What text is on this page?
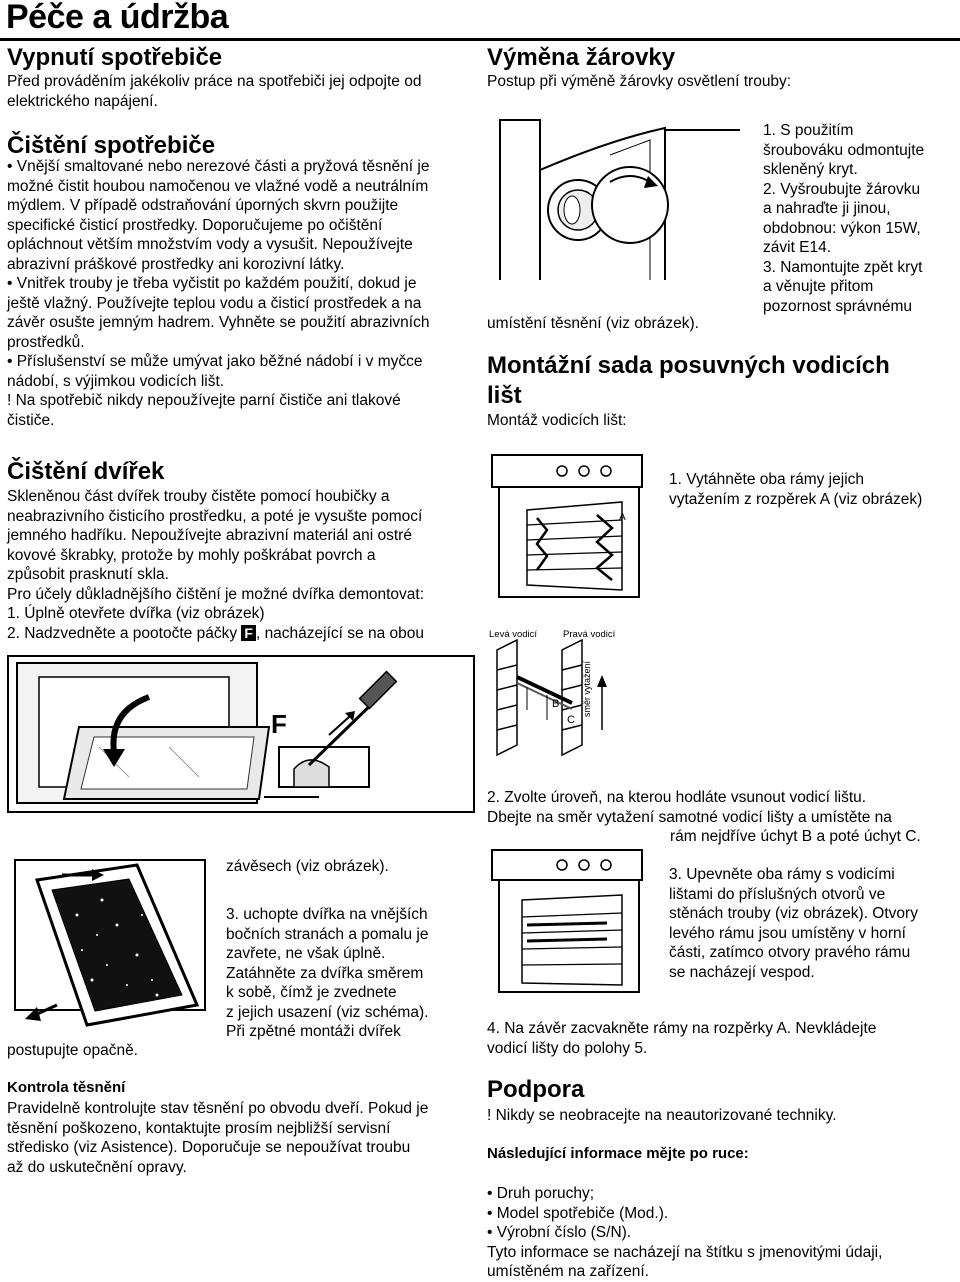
Péče a údržba
Vypnutí spotřebiče

Před prováděním jakékoliv práce na spotřebiči jej odpojte od

elektrického napájení.

Čištění spotřebiče

• Vnější smaltované nebo nerezové části a pryžová těsnění je

možné čistit houbou namočenou ve vlažné vodě a neutrálním

mýdlem. V případě odstraňování úporných skvrn použijte

specifické čisticí prostředky. Doporučujeme po očištění

opláchnout větším množstvím vody a vysušit. Nepoužívejte

abrazivní práškové prostředky ani korozivní látky.

• Vnitřek trouby je třeba vyčistit po každém použití, dokud je

ještě vlažný. Používejte teplou vodu a čisticí prostředek a na

závěr osušte jemným hadrem. Vyhněte se použití abrazivních

prostředků.

• Příslušenství se může umývat jako běžné nádobí i v myčce

nádobí, s výjimkou vodicích lišt.

! Na spotřebič nikdy nepoužívejte parní čističe ani tlakové

čističe.

Čištění dvířek

Skleněnou část dvířek trouby čistěte pomocí houbičky a

neabrazivního čisticího prostředku, a poté je vysušte pomocí

jemného hadříku. Nepoužívejte abrazivní materiál ani ostré

kovové škrabky, protože by mohly poškrábat povrch a

způsobit prasknutí skla.

Pro účely důkladnějšího čištění je možné dvířka demontovat:

1. Úplně otevřete dvířka (viz obrázek)

2. Nadzvedněte a pootočte páčky F , nacházející se na obou

F
závěsech (viz obrázek).

3. uchopte dvířka na vnějších

bočních stranách a pomalu je

zavřete, ne však úplně.

Zatáhněte za dvířka směrem

k sobě, čímž je zvednete

z jejich usazení (viz schéma).

Při zpětné montáži dvířek

postupujte opačně.
Kontrola těsnění

Pravidelně kontrolujte stav těsnění po obvodu dveří. Pokud je

těsnění poškozeno, kontaktujte prosím nejbližší servisní

středisko (viz Asistence). Doporučuje se nepoužívat troubu

až do uskutečnění opravy.

Výměna žárovky
Postup při výměně žárovky osvětlení trouby:

1. S použitím

šroubováku odmontujte

skleněný kryt.

2. Vyšroubujte žárovku

a nahraďte ji jinou,

obdobnou: výkon 15W,

závit E14.

3. Namontujte zpět kryt

a věnujte přitom

pozornost správnému

umístění těsnění (viz obrázek).
Montážní sada posuvných vodicích
lišt
Montáž vodicích lišt:
A

1. Vytáhněte oba rámy jejich

vytažením z rozpěrek A (viz obrázek)

Levá vodicí	Pravá vodicí
B
C
směr vytažení

2. Zvolte úroveň, na kterou hodláte vsunout vodicí lištu.

Dbejte na směr vytažení samotné vodicí lišty a umístěte na

rám nejdříve úchyt B a poté úchyt C.

3. Upevněte oba rámy s vodicími

lištami do příslušných otvorů ve

stěnách trouby (viz obrázek). Otvory

levého rámu jsou umístěny v horní

části, zatímco otvory pravého rámu

se nacházejí vespod.

4. Na závěr zacvakněte rámy na rozpěrky A. Nevkládejte

vodicí lišty do polohy 5.

Podpora
! Nikdy se neobracejte na neautorizované techniky.
Následující informace mějte po ruce:

• Druh poruchy;

• Model spotřebiče (Mod.).

• Výrobní číslo (S/N).

Tyto informace se nacházejí na štítku s jmenovitými údaji,

umístěném na zařízení.
